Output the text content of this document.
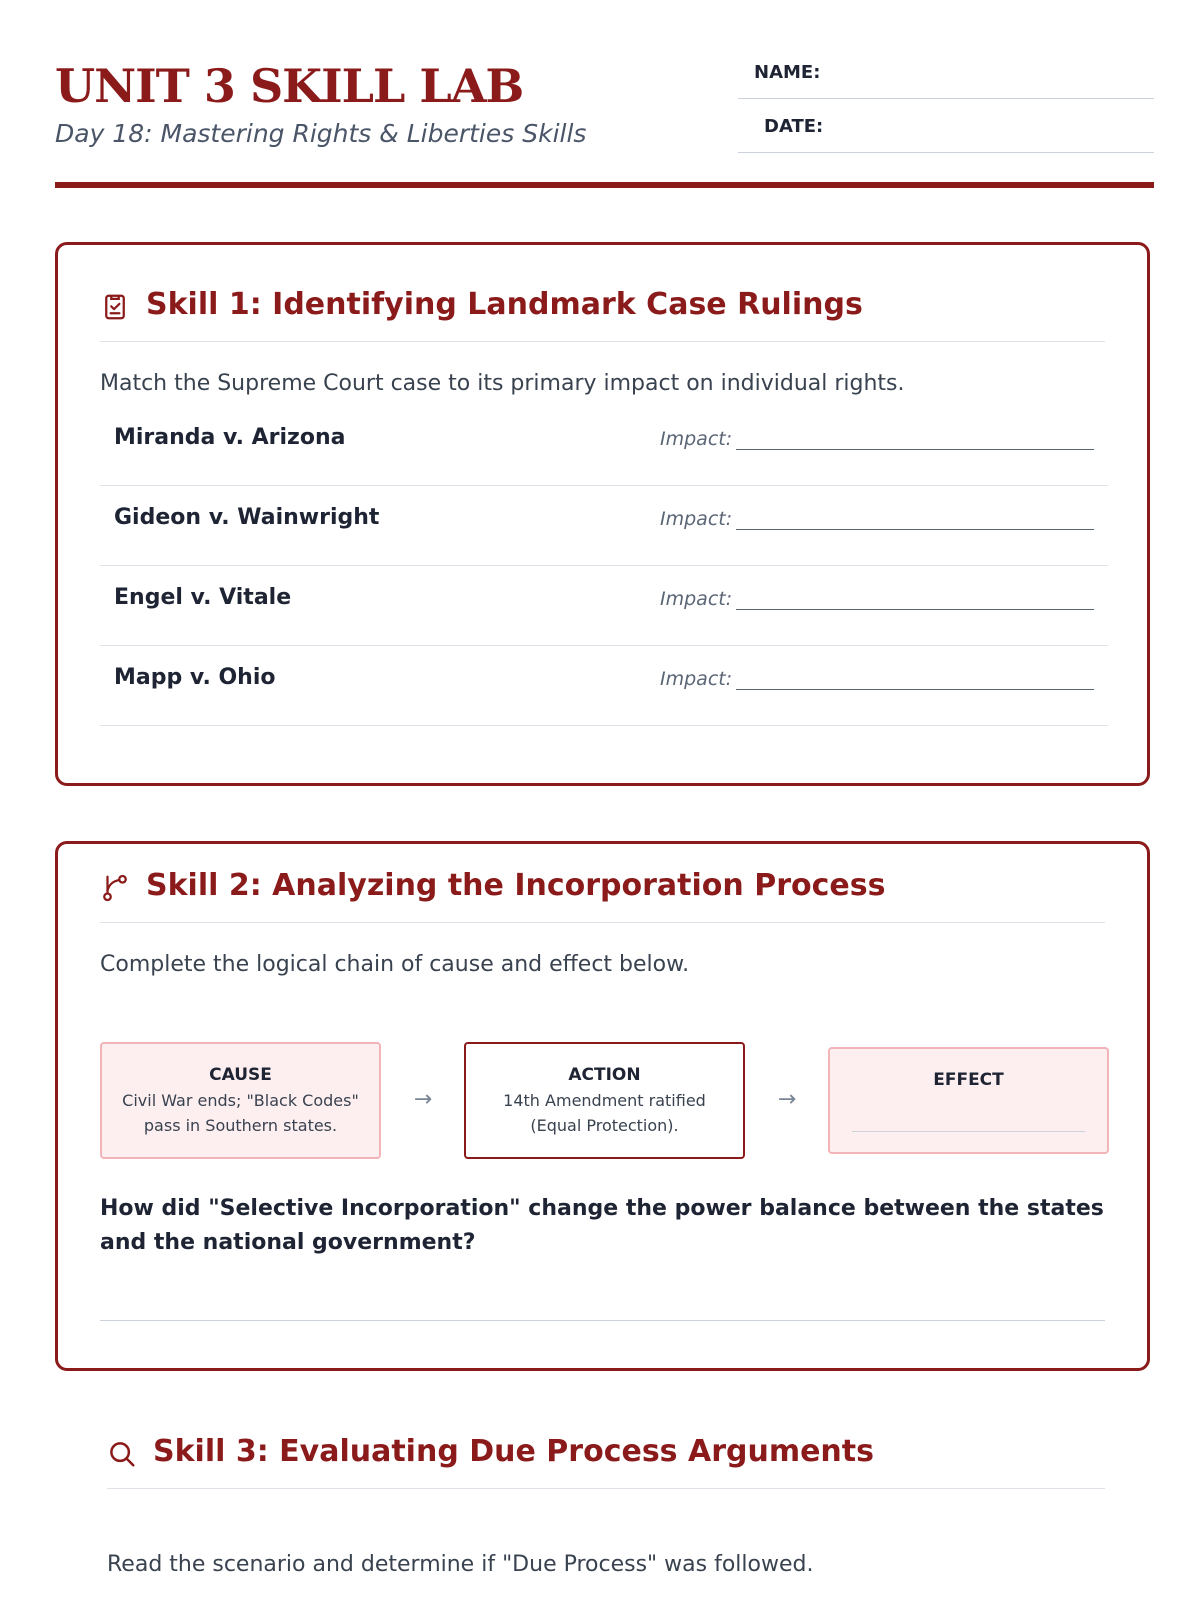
UNIT 3 SKILL LAB
Day 18: Mastering Rights & Liberties Skills
NAME:
DATE:
Skill 1: Identifying Landmark Case Rulings
Match the Supreme Court case to its primary impact on individual rights.
Miranda v. Arizona	Impact:
Gideon v. Wainwright	Impact:
Engel v. Vitale	Impact:
Mapp v. Ohio	Impact:
Skill 2: Analyzing the Incorporation Process
Complete the logical chain of cause and effect below.
CAUSE
Civil War ends; "Black Codes" pass in Southern states.
→
ACTION
14th Amendment ratified (Equal Protection).
→
EFFECT
How did "Selective Incorporation" change the power balance between the states and the national government?
Skill 3: Evaluating Due Process Arguments
Read the scenario and determine if "Due Process" was followed.
